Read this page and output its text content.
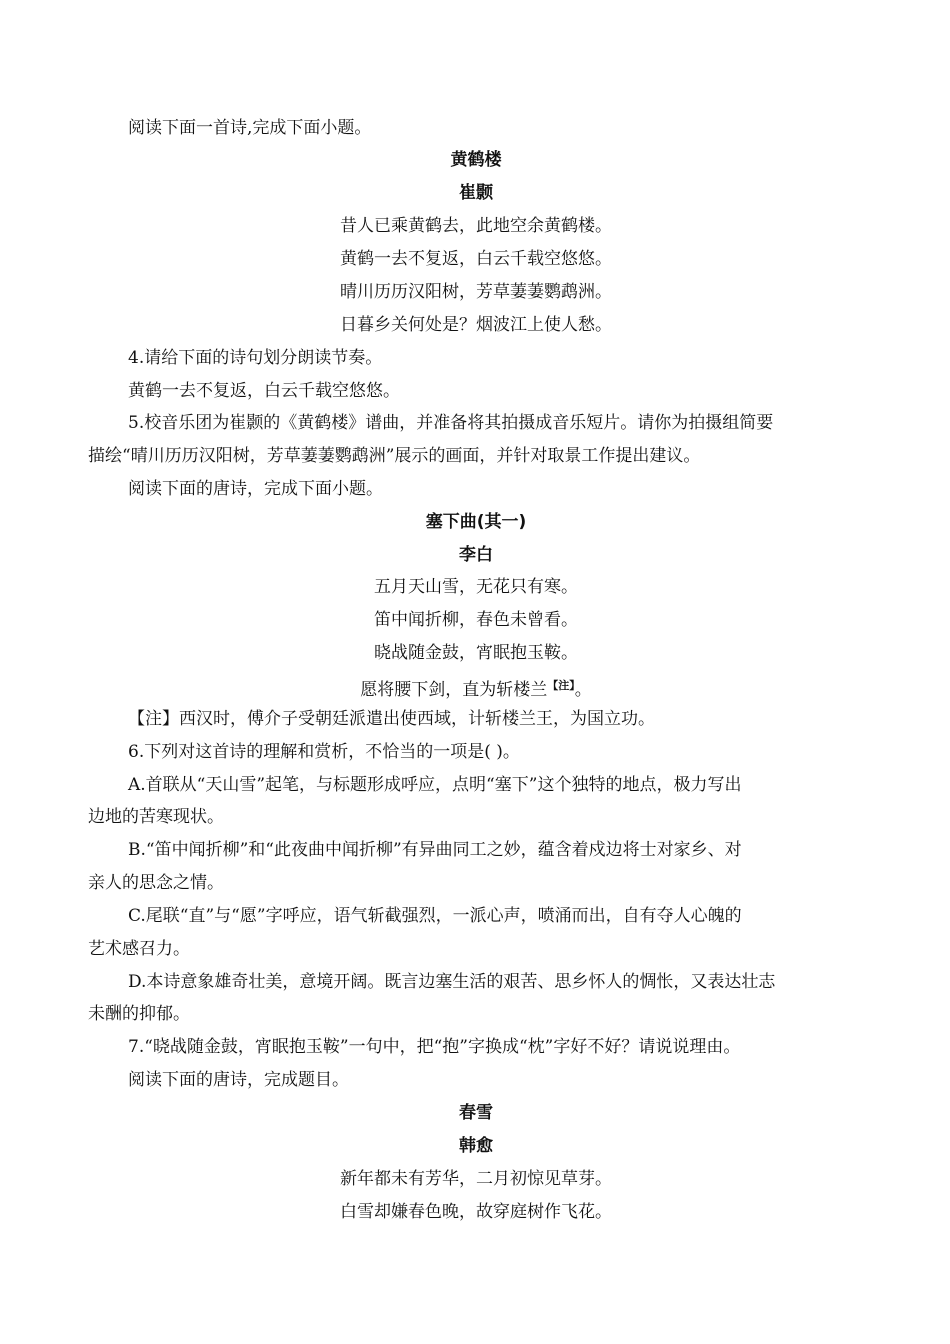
阅读下面一首诗,完成下面小题。

黄鹤楼

崔颢

昔人已乘黄鹤去，此地空余黄鹤楼。

黄鹤一去不复返，白云千载空悠悠。

晴川历历汉阳树，芳草萋萋鹦鹉洲。

日暮乡关何处是？烟波江上使人愁。

4.请给下面的诗句划分朗读节奏。

黄鹤一去不复返，白云千载空悠悠。

5.校音乐团为崔颢的《黄鹤楼》谱曲，并准备将其拍摄成音乐短片。请你为拍摄组简要

描绘“晴川历历汉阳树，芳草萋萋鹦鹉洲”展示的画面，并针对取景工作提出建议。

阅读下面的唐诗，完成下面小题。

塞下曲(其一)

李白

五月天山雪，无花只有寒。

笛中闻折柳，春色未曾看。

晓战随金鼓，宵眠抱玉鞍。

愿将腰下剑，直为斩楼兰$^{【注】}$。

【注】西汉时，傅介子受朝廷派遣出使西域，计斩楼兰王，为国立功。

6.下列对这首诗的理解和赏析，不恰当的一项是( )。

A.首联从“天山雪”起笔，与标题形成呼应，点明“塞下”这个独特的地点，极力写出

边地的苦寒现状。

B.“笛中闻折柳”和“此夜曲中闻折柳”有异曲同工之妙，蕴含着戍边将士对家乡、对

亲人的思念之情。

C.尾联“直”与“愿”字呼应，语气斩截强烈，一派心声，喷涌而出，自有夺人心魄的

艺术感召力。

D.本诗意象雄奇壮美，意境开阔。既言边塞生活的艰苦、思乡怀人的惆怅，又表达壮志

未酬的抑郁。

7.“晓战随金鼓，宵眠抱玉鞍”一句中，把“抱”字换成“枕”字好不好？请说说理由。

阅读下面的唐诗，完成题目。

春雪

韩愈

新年都未有芳华，二月初惊见草芽。

白雪却嫌春色晚，故穿庭树作飞花。
